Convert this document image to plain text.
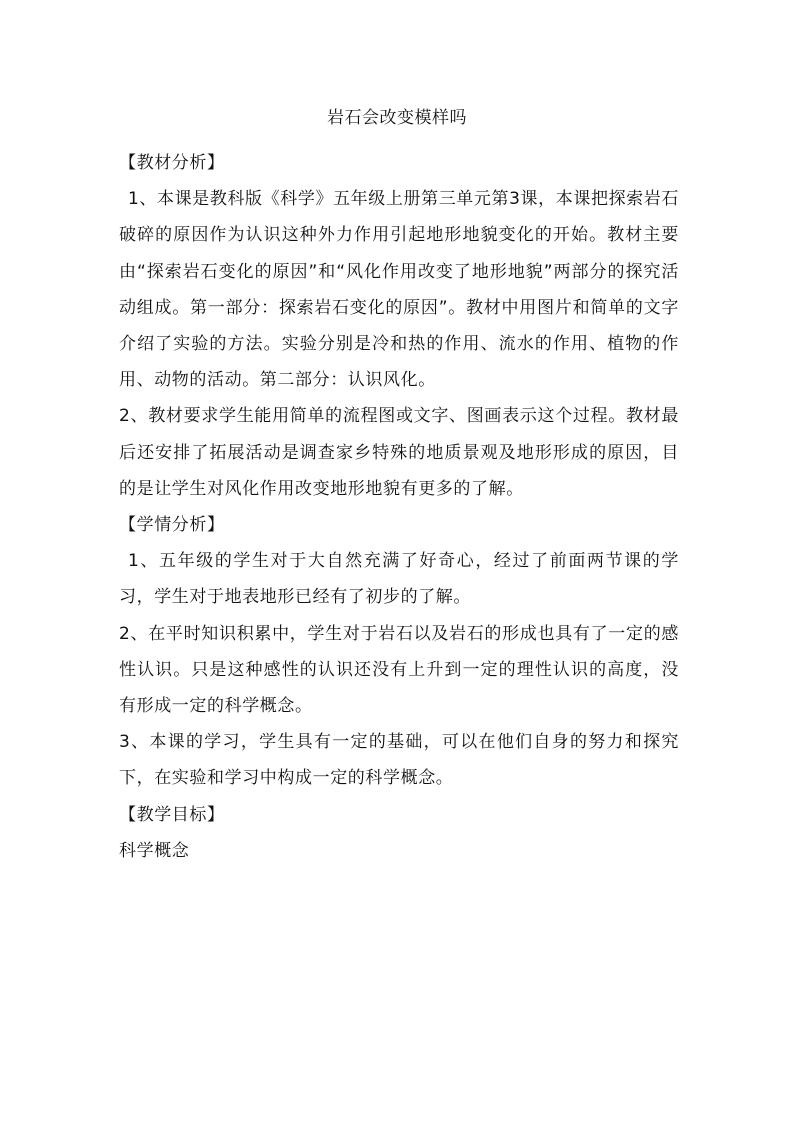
岩石会改变模样吗

【教材分析】

1、本课是教科版《科学》五年级上册第三单元第3课，本课把探索岩石破碎的原因作为认识这种外力作用引起地形地貌变化的开始。教材主要由“探索岩石变化的原因”和“风化作用改变了地形地貌”两部分的探究活动组成。第一部分：探索岩石变化的原因”。教材中用图片和简单的文字介绍了实验的方法。实验分别是冷和热的作用、流水的作用、植物的作用、动物的活动。第二部分：认识风化。

2、教材要求学生能用简单的流程图或文字、图画表示这个过程。教材最后还安排了拓展活动是调查家乡特殊的地质景观及地形形成的原因，目的是让学生对风化作用改变地形地貌有更多的了解。

【学情分析】

1、五年级的学生对于大自然充满了好奇心，经过了前面两节课的学习，学生对于地表地形已经有了初步的了解。

2、在平时知识积累中，学生对于岩石以及岩石的形成也具有了一定的感性认识。只是这种感性的认识还没有上升到一定的理性认识的高度，没有形成一定的科学概念。

3、本课的学习，学生具有一定的基础，可以在他们自身的努力和探究下，在实验和学习中构成一定的科学概念。

【教学目标】

科学概念
